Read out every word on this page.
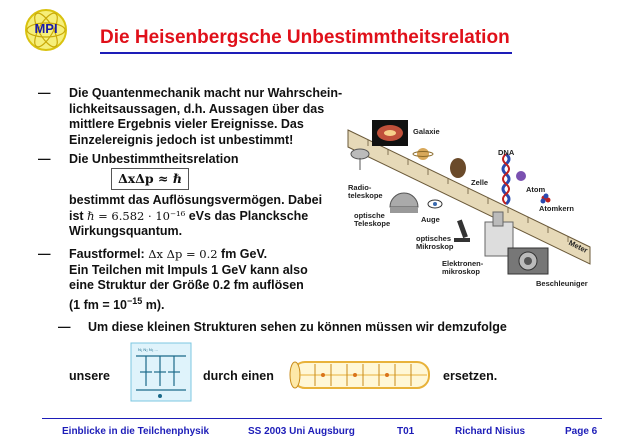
MPI	Die Heisenbergsche Unbestimmtheitsrelation
— Die Quantenmechanik macht nur Wahrschein-
lichkeitsaussagen, d.h. Aussagen über das
mittlere Ergebnis vieler Ereignisse. Das
Einzelereignis jedoch ist unbestimmt!
— Die Unbestimmtheitsrelation
ΔxΔp ≈ ℏ
bestimmt das Auflösungsvermögen. Dabei
ist ℏ = 6.582 · 10⁻¹⁶ eVs das Plancksche
Wirkungsquantum.
— Faustformel: Δx Δp = 0.2 fm GeV.
Ein Teilchen mit Impuls 1 GeV kann also
eine Struktur der Größe 0.2 fm auflösen
(1 fm = $10^{-15}$ m).
— Um diese kleinen Strukturen sehen zu können müssen wir demzufolge
unsere
N₁ N₂ N₃ ...
durch einen	ersetzen.
Galaxie
DNA
Radio-
teleskope
Zelle
Atom
optische
Teleskope	Auge
Atomkern
optisches
Mikroskop	Meter
Elektronen-
mikroskop
Beschleuniger
Einblicke in die Teilchenphysik	SS 2003 Uni Augsburg	T01	Richard Nisius	Page 6
